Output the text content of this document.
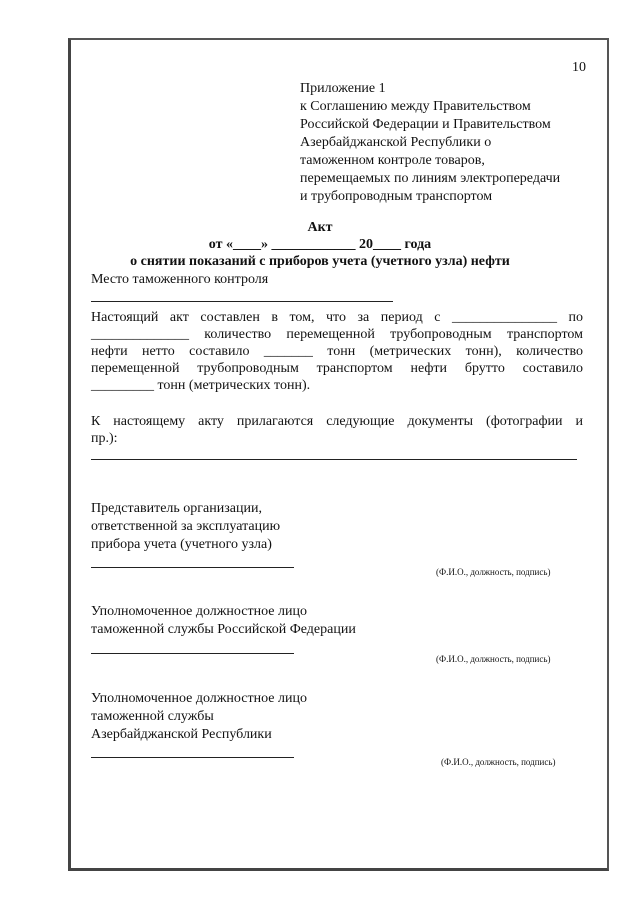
10
Приложение 1
к Соглашению между Правительством
Российской Федерации и Правительством
Азербайджанской Республики о
таможенном контроле товаров,
перемещаемых по линиям электропередачи
и трубопроводным транспортом
Акт
от «____» ____________ 20____ года
о снятии показаний с приборов учета (учетного узла) нефти
Место таможенного контроля
Настоящий акт составлен в том, что за период с _______________ по
______________ количество перемещенной трубопроводным транспортом
нефти нетто составило _______ тонн (метрических тонн), количество
перемещенной трубопроводным транспортом нефти брутто составило
_________ тонн (метрических тонн).
К настоящему акту прилагаются следующие документы (фотографии и
пр.):
Представитель организации,
ответственной за эксплуатацию
прибора учета (учетного узла)
(Ф.И.О., должность, подпись)
Уполномоченное должностное лицо
таможенной службы Российской Федерации
(Ф.И.О., должность, подпись)
Уполномоченное должностное лицо
таможенной службы
Азербайджанской Республики
(Ф.И.О., должность, подпись)
